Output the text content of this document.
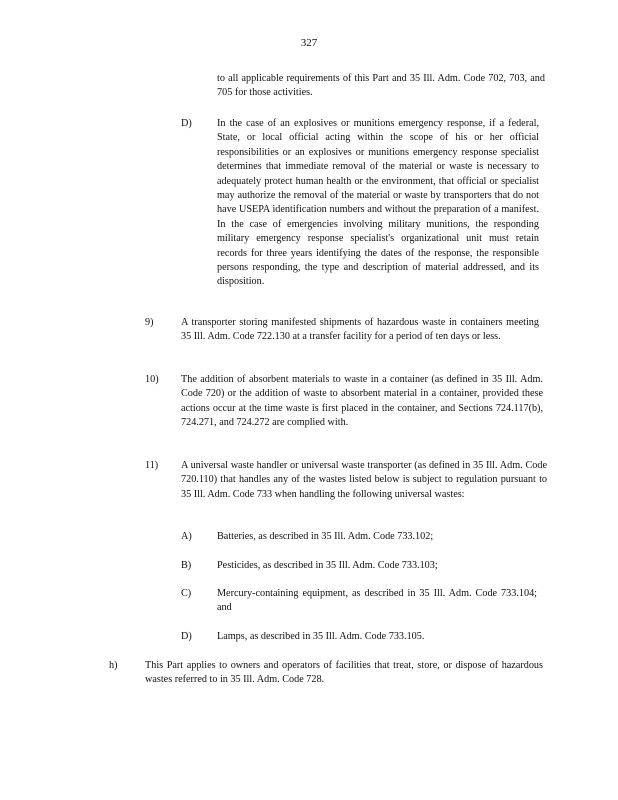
327
to all applicable requirements of this Part and 35 Ill. Adm. Code 702, 703, and 705 for those activities.
D) In the case of an explosives or munitions emergency response, if a federal, State, or local official acting within the scope of his or her official responsibilities or an explosives or munitions emergency response specialist determines that immediate removal of the material or waste is necessary to adequately protect human health or the environment, that official or specialist may authorize the removal of the material or waste by transporters that do not have USEPA identification numbers and without the preparation of a manifest. In the case of emergencies involving military munitions, the responding military emergency response specialist's organizational unit must retain records for three years identifying the dates of the response, the responsible persons responding, the type and description of material addressed, and its disposition.
9)	A transporter storing manifested shipments of hazardous waste in containers meeting 35 Ill. Adm. Code 722.130 at a transfer facility for a period of ten days or less.
10) The addition of absorbent materials to waste in a container (as defined in 35 Ill. Adm. Code 720) or the addition of waste to absorbent material in a container, provided these actions occur at the time waste is first placed in the container, and Sections 724.117(b), 724.271, and 724.272 are complied with.
11) A universal waste handler or universal waste transporter (as defined in 35 Ill. Adm. Code 720.110) that handles any of the wastes listed below is subject to regulation pursuant to 35 Ill. Adm. Code 733 when handling the following universal wastes:
A) Batteries, as described in 35 Ill. Adm. Code 733.102;
B)	Pesticides, as described in 35 Ill. Adm. Code 733.103;
C)	Mercury-containing equipment, as described in 35 Ill. Adm. Code 733.104; and
D) Lamps, as described in 35 Ill. Adm. Code 733.105.
h)	This Part applies to owners and operators of facilities that treat, store, or dispose of hazardous wastes referred to in 35 Ill. Adm. Code 728.
